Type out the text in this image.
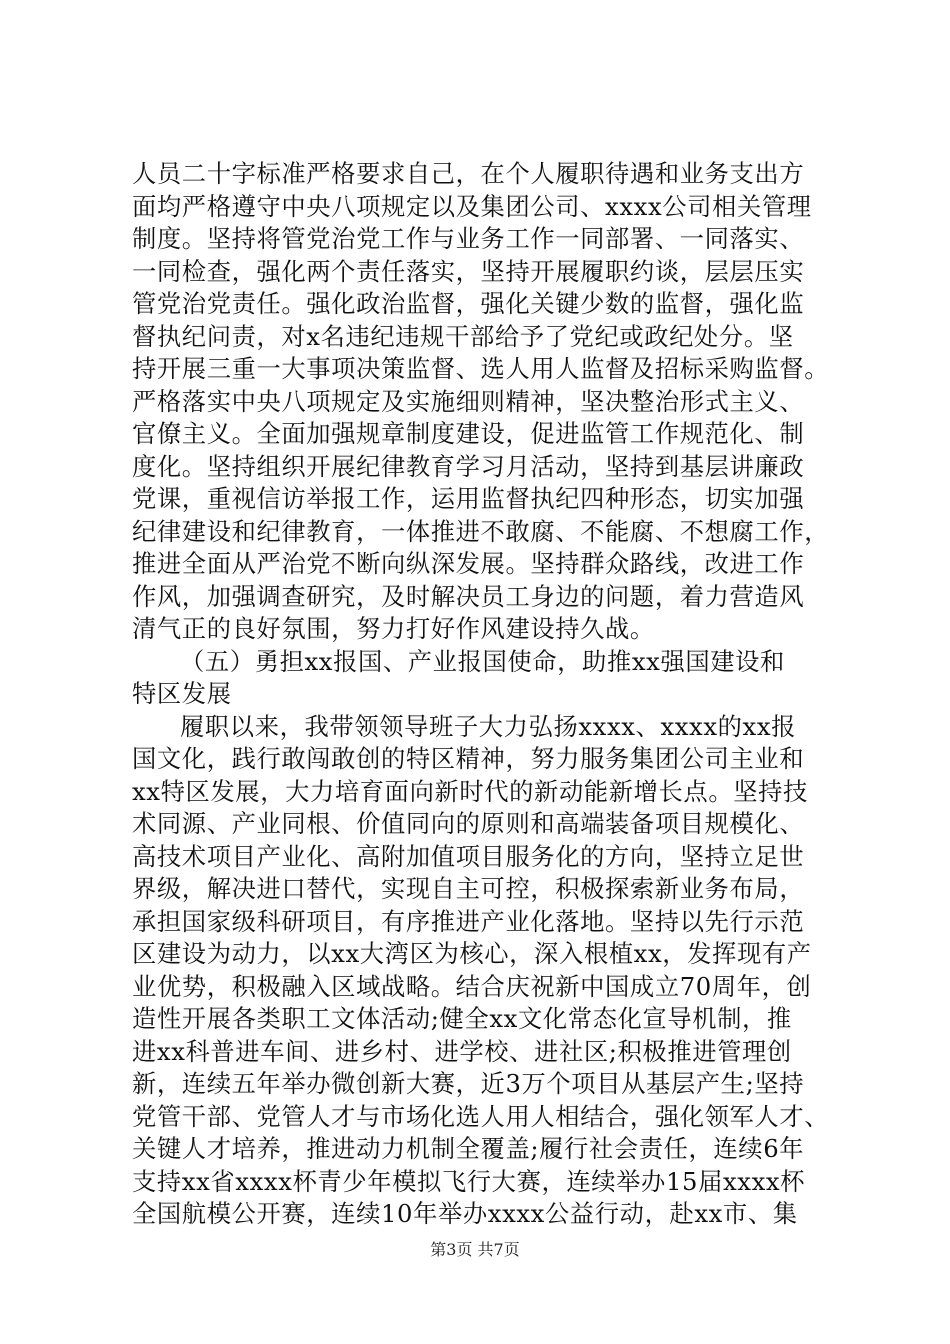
人员二十字标准严格要求自己，在个人履职待遇和业务支出方
面均严格遵守中央八项规定以及集团公司、xxxx公司相关管理
制度。坚持将管党治党工作与业务工作一同部署、一同落实、
一同检查，强化两个责任落实，坚持开展履职约谈，层层压实
管党治党责任。强化政治监督，强化关键少数的监督，强化监
督执纪问责，对x名违纪违规干部给予了党纪或政纪处分。坚
持开展三重一大事项决策监督、选人用人监督及招标采购监督。
严格落实中央八项规定及实施细则精神，坚决整治形式主义、
官僚主义。全面加强规章制度建设，促进监管工作规范化、制
度化。坚持组织开展纪律教育学习月活动，坚持到基层讲廉政
党课，重视信访举报工作，运用监督执纪四种形态，切实加强
纪律建设和纪律教育，一体推进不敢腐、不能腐、不想腐工作，
推进全面从严治党不断向纵深发展。坚持群众路线，改进工作
作风，加强调查研究，及时解决员工身边的问题，着力营造风
清气正的良好氛围，努力打好作风建设持久战。
（五）勇担xx报国、产业报国使命，助推xx强国建设和
特区发展
履职以来，我带领领导班子大力弘扬xxxx、xxxx的xx报
国文化，践行敢闯敢创的特区精神，努力服务集团公司主业和
xx特区发展，大力培育面向新时代的新动能新增长点。坚持技
术同源、产业同根、价值同向的原则和高端装备项目规模化、
高技术项目产业化、高附加值项目服务化的方向，坚持立足世
界级，解决进口替代，实现自主可控，积极探索新业务布局，
承担国家级科研项目，有序推进产业化落地。坚持以先行示范
区建设为动力，以xx大湾区为核心，深入根植xx，发挥现有产
业优势，积极融入区域战略。结合庆祝新中国成立70周年，创
造性开展各类职工文体活动;健全xx文化常态化宣导机制，推
进xx科普进车间、进乡村、进学校、进社区;积极推进管理创
新，连续五年举办微创新大赛，近3万个项目从基层产生;坚持
党管干部、党管人才与市场化选人用人相结合，强化领军人才、
关键人才培养，推进动力机制全覆盖;履行社会责任，连续6年
支持xx省xxxx杯青少年模拟飞行大赛，连续举办15届xxxx杯
全国航模公开赛，连续10年举办xxxx公益行动，赴xx市、集
第3页 共7页
